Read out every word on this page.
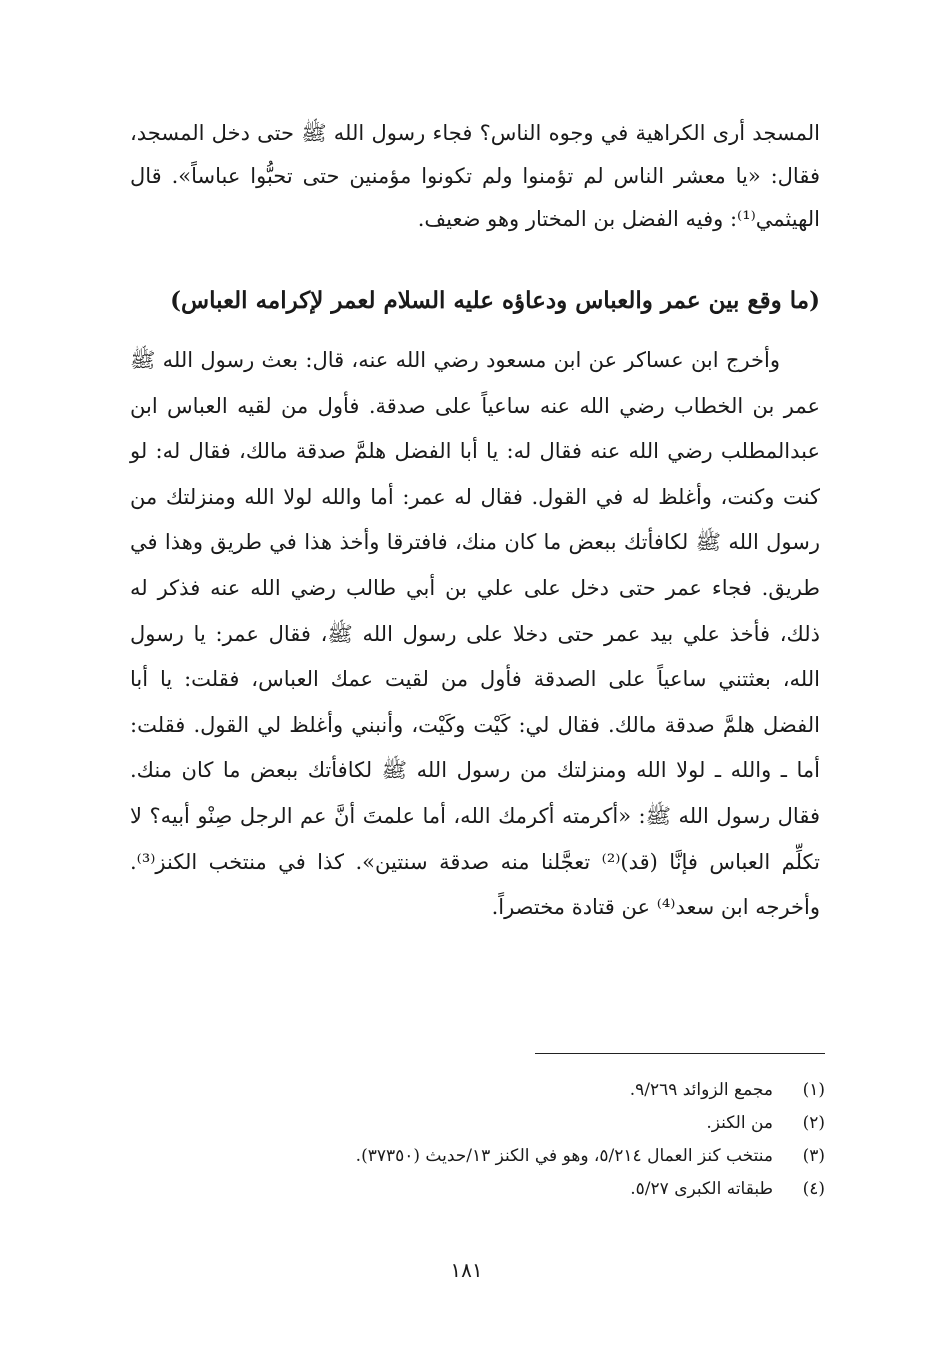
المسجد أرى الكراهية في وجوه الناس؟ فجاء رسول الله ﷺ حتى دخل المسجد، فقال: «يا معشر الناس لم تؤمنوا ولم تكونوا مؤمنين حتى تحبُّوا عباساً». قال الهيثمي⁽¹⁾: وفيه الفضل بن المختار وهو ضعيف.

(ما وقع بين عمر والعباس ودعاؤه عليه السلام لعمر لإكرامه العباس)

وأخرج ابن عساكر عن ابن مسعود رضي الله عنه، قال: بعث رسول الله ﷺ عمر بن الخطاب رضي الله عنه ساعياً على صدقة. فأول من لقيه العباس ابن عبدالمطلب رضي الله عنه فقال له: يا أبا الفضل هلمَّ صدقة مالك، فقال له: لو كنت وكنت، وأغلظ له في القول. فقال له عمر: أما والله لولا الله ومنزلتك من رسول الله ﷺ لكافأتك ببعض ما كان منك، فافترقا وأخذ هذا في طريق وهذا في طريق. فجاء عمر حتى دخل على علي بن أبي طالب رضي الله عنه فذكر له ذلك، فأخذ علي بيد عمر حتى دخلا على رسول الله ﷺ، فقال عمر: يا رسول الله، بعثتني ساعياً على الصدقة فأول من لقيت عمك العباس، فقلت: يا أبا الفضل هلمَّ صدقة مالك. فقال لي: كَيْت وكَيْت، وأنبني وأغلظ لي القول. فقلت: أما ـ والله ـ لولا الله ومنزلتك من رسول الله ﷺ لكافأتك ببعض ما كان منك. فقال رسول الله ﷺ: «أكرمته أكرمك الله، أما علمتَ أنَّ عم الرجل صِنْو أبيه؟ لا تكلِّم العباس فإنَّا (قد)⁽²⁾ تعجَّلنا منه صدقة سنتين». كذا في منتخب الكنز⁽³⁾. وأخرجه ابن سعد⁽⁴⁾ عن قتادة مختصراً.

(١)
مجمع الزوائد ٩/٢٦٩.
(٢)
من الكنز.
(٣)
منتخب كنز العمال ٥/٢١٤، وهو في الكنز ١٣/حديث (٣٧٣٥٠).
(٤)
طبقاته الكبرى ٥/٢٧.
١٨١
